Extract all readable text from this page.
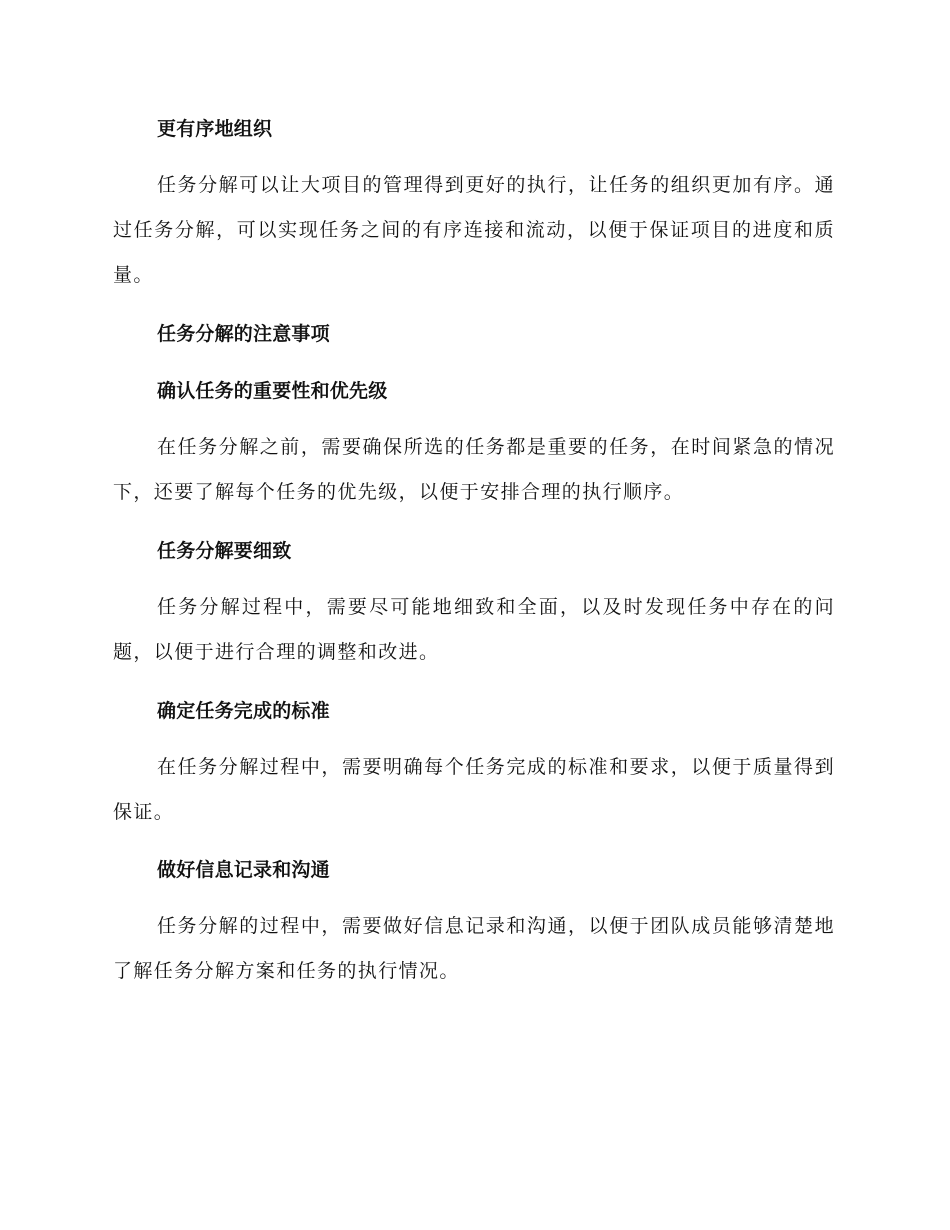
更有序地组织

任务分解可以让大项目的管理得到更好的执行，让任务的组织更加有序。通过任务分解，可以实现任务之间的有序连接和流动，以便于保证项目的进度和质量。

任务分解的注意事项
确认任务的重要性和优先级

在任务分解之前，需要确保所选的任务都是重要的任务，在时间紧急的情况下，还要了解每个任务的优先级，以便于安排合理的执行顺序。

任务分解要细致

任务分解过程中，需要尽可能地细致和全面，以及时发现任务中存在的问题，以便于进行合理的调整和改进。

确定任务完成的标准

在任务分解过程中，需要明确每个任务完成的标准和要求，以便于质量得到保证。

做好信息记录和沟通

任务分解的过程中，需要做好信息记录和沟通，以便于团队成员能够清楚地了解任务分解方案和任务的执行情况。
